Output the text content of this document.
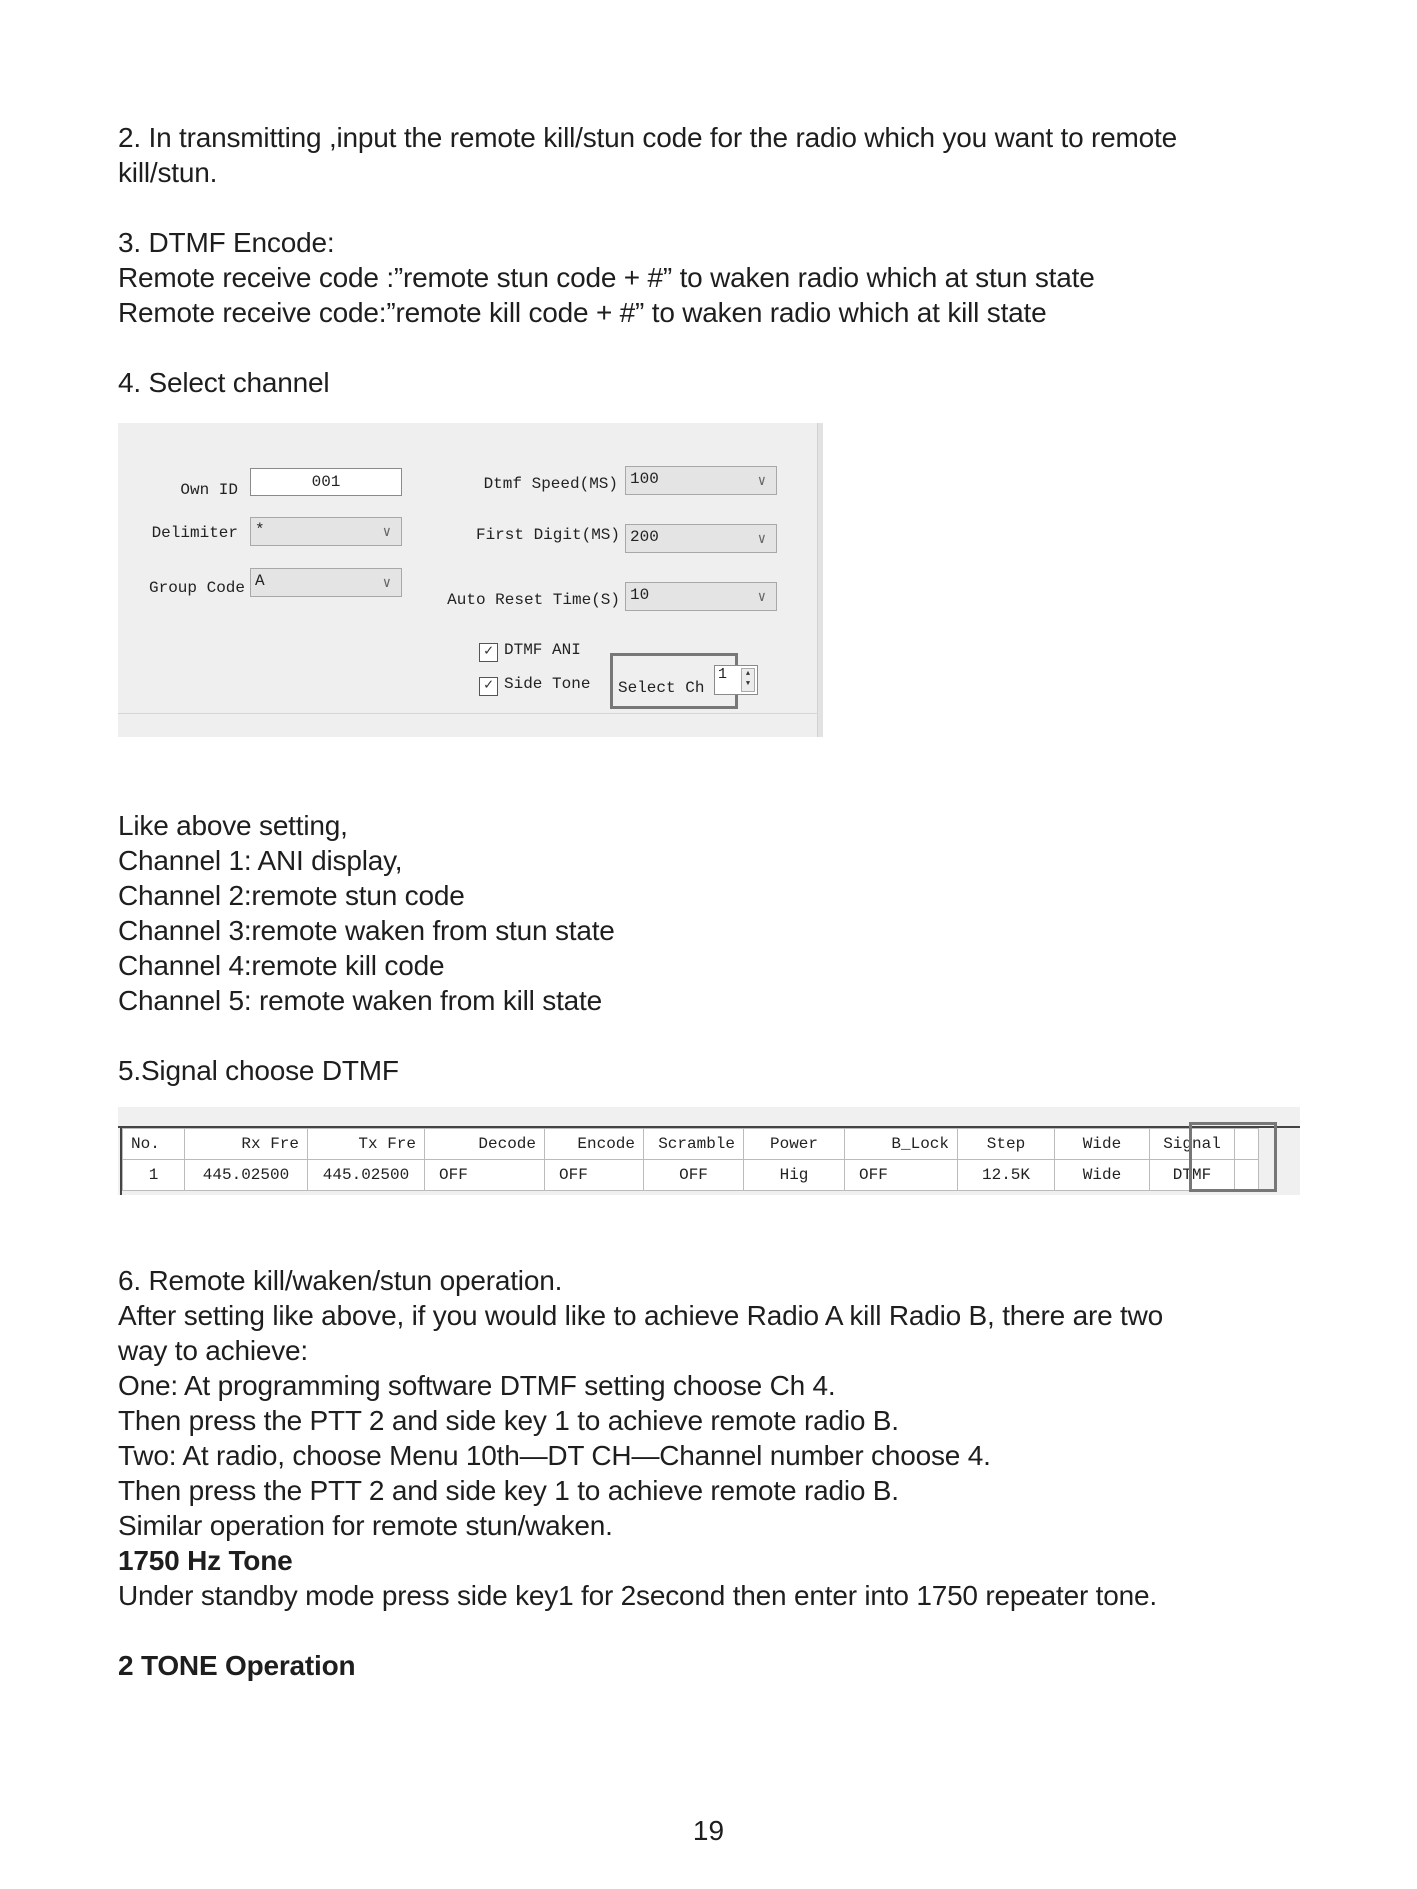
2. In transmitting ,input the remote kill/stun code for the radio which you want to remote
kill/stun.
3. DTMF Encode:
Remote receive code :”remote stun code + #” to waken radio which at stun state
Remote receive code:”remote kill code + #” to waken radio which at kill state
4. Select channel
Own ID	001
Delimiter	*	∨
Group Code A	∨
Dtmf Speed(MS) 100	∨
First Digit(MS) 200	∨
Auto Reset Time(S) 10	∨
✓ DTMF ANI
✓ Side Tone Select Ch
1	▲
▼
Like above setting,
Channel 1: ANI display,
Channel 2:remote stun code
Channel 3:remote waken from stun state
Channel 4:remote kill code
Channel 5: remote waken from kill state
5.Signal choose DTMF
No.	Rx Fre	Tx Fre	Decode	Encode	Scramble	Power	B_Lock	Step	Wide	Signal	
1	445.02500	445.02500	OFF	OFF	OFF	Hig	OFF	12.5K	Wide	DTMF	
6. Remote kill/waken/stun operation.
After setting like above, if you would like to achieve Radio A kill Radio B, there are two
way to achieve:
One: At programming software DTMF setting choose Ch 4.
Then press the PTT 2 and side key 1 to achieve remote radio B.
Two: At radio, choose Menu 10th—DT CH—Channel number choose 4.
Then press the PTT 2 and side key 1 to achieve remote radio B.
Similar operation for remote stun/waken.
1750 Hz Tone
Under standby mode press side key1 for 2second then enter into 1750 repeater tone.
2 TONE Operation
19
